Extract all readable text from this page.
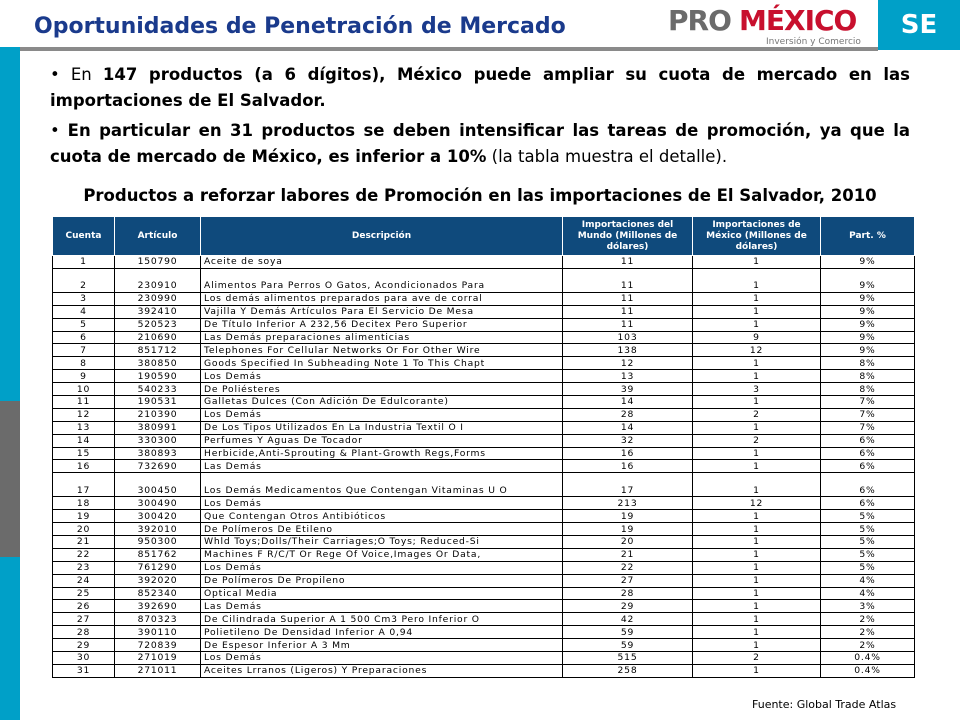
Oportunidades de Penetración de Mercado	PRO MÉXICO
Inversión y Comercio
SE

• En 147 productos (a 6 dígitos), México puede ampliar su cuota de mercado en las importaciones de El Salvador.

• En particular en 31 productos se deben intensificar las tareas de promoción, ya que la cuota de mercado de México, es inferior a 10% (la tabla muestra el detalle).

Productos a reforzar labores de Promoción en las importaciones de El Salvador, 2010
Cuenta	Artículo	Descripción	Importaciones del Mundo (Millones de dólares)	Importaciones de México (Millones de dólares)	Part. %
1	150790	Aceite de soya	11	1	9%
2	230910	Alimentos Para Perros O Gatos, Acondicionados Para	11	1	9%
3	230990	Los demás alimentos preparados para ave de corral	11	1	9%
4	392410	Vajilla Y Demás Artículos Para El Servicio De Mesa	11	1	9%
5	520523	De Título Inferior A 232,56 Decitex Pero Superior	11	1	9%
6	210690	Las Demás preparaciones alimenticias	103	9	9%
7	851712	Telephones For Cellular Networks Or For Other Wire	138	12	9%
8	380850	Goods Specified In Subheading Note 1 To This Chapt	12	1	8%
9	190590	Los Demás	13	1	8%
10	540233	De Poliésteres	39	3	8%
11	190531	Galletas Dulces (Con Adición De Edulcorante)	14	1	7%
12	210390	Los Demás	28	2	7%
13	380991	De Los Tipos Utilizados En La Industria Textil O I	14	1	7%
14	330300	Perfumes Y Aguas De Tocador	32	2	6%
15	380893	Herbicide,Anti-Sprouting & Plant-Growth Regs,Forms	16	1	6%
16	732690	Las Demás	16	1	6%
17	300450	Los Demás Medicamentos Que Contengan Vitaminas U O	17	1	6%
18	300490	Los Demás	213	12	6%
19	300420	Que Contengan Otros Antibióticos	19	1	5%
20	392010	De Polímeros De Etileno	19	1	5%
21	950300	Whld Toys;Dolls/Their Carriages;O Toys; Reduced-Si	20	1	5%
22	851762	Machines F R/C/T Or Rege Of Voice,Images Or Data,	21	1	5%
23	761290	Los Demás	22	1	5%
24	392020	De Polímeros De Propileno	27	1	4%
25	852340	Optical Media	28	1	4%
26	392690	Las Demás	29	1	3%
27	870323	De Cilindrada Superior A 1 500 Cm3 Pero Inferior O	42	1	2%
28	390110	Polietileno De Densidad Inferior A 0,94	59	1	2%
29	720839	De Espesor Inferior A 3 Mm	59	1	2%
30	271019	Los Demás	515	2	0.4%
31	271011	Aceites Lrranos (Ligeros) Y Preparaciones	258	1	0.4%
Fuente: Global Trade Atlas
